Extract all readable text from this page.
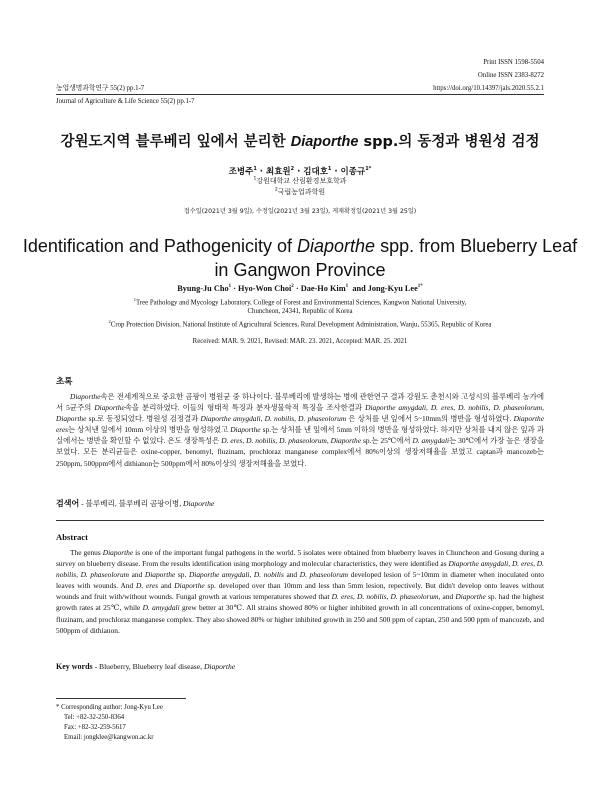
Print ISSN 1598-5504
Online ISSN 2383-8272
농업생명과학연구 55(2) pp.1-7	https://doi.org/10.14397/jals.2020.55.2.1
Journal of Agriculture & Life Science 55(2) pp.1-7
강원도지역 블루베리 잎에서 분리한 Diaporthe spp.의 동정과 병원성 검정
조병주$^1$ · 최효원$^2$ · 김대호$^1$ · 이종규$^{1*}$
$^1$강원대학교 산림환경보호학과
$^2$국립농업과학원
접수일(2021년 3월 9일), 수정일(2021년 3월 23일), 게재확정일(2021년 3월 25일)
Identification and Pathogenicity of Diaporthe spp. from Blueberry Leaf
in Gangwon Province
Byung-Ju Cho$^1$ · Hyo-Won Choi$^2$ · Dae-Ho Kim$^1$ and Jong-Kyu Lee$^{1*}$
$^1$Tree Pathology and Mycology Laboratory, College of Forest and Environmental Sciences, Kangwon National University,
Chuncheon, 24341, Republic of Korea
$^2$Crop Protection Division, National Institute of Agricultural Sciences, Rural Development Administration, Wanju, 55365, Republic of Korea
Received: MAR. 9. 2021, Revised: MAR. 23. 2021, Accepted: MAR. 25. 2021
초록

Diaporthe속은 전세계적으로 중요한 곰팡이 병원균 중 하나이다. 블루베리에 발생하는 병에 관한연구 결과 강원도 춘천시와 고성시의 블루베리 농가에서 5균주의 Diaporthe속을 분리하였다. 이들의 형태적 특징과 분자생물학적 특징을 조사한결과 Diaporthe amygdali, D. eres, D. nobilis, D. phaseolorum, Diaporthe sp.로 동정되었다. 병원성 검정결과 Diaporthe amygdali, D. nobilis, D. phaseolorum 은 상처를 낸 잎에서 5~10mm의 병반을 형성하였다. Diaporthe eres는 상처낸 잎에서 10mm 이상의 병반을 형성하였고 Diaporthe sp.는 상처를 낸 잎에서 5mm 이하의 병반을 형성하였다. 하지만 상처를 내지 않은 잎과 과실에서는 병반을 확인할 수 없었다. 온도 생장특성은 D. eres, D. nobilis, D. phaseolorum, Diaporthe sp.는 25℃에서 D. amygdali는 30℃에서 가장 높은 생장을 보였다. 모든 분리균들은 oxine-copper, benomyl, fluzinam, prochloraz manganese complex에서 80%이상의 생장저해율을 보였고 captan과 mancozeb는 250ppm, 500ppm에서 dithianon는 500ppm에서 80%이상의 생장저해율을 보였다.

검색어 - 블루베리, 블루베리 곰팡이병, Diaporthe
Abstract

The genus Diaporthe is one of the important fungal pathogens in the world. 5 isolates were obtained from blueberry leaves in Chuncheon and Gosung during a survey on blueberry disease. From the results identification using morphology and molecular characteristics, they were identified as Diaporthe amygdali, D. eres, D. nobilis, D. phaseolorum and Diaporthe sp. Diaporthe amygdali, D. nobilis and D. phaseolorum developed lesion of 5~10mm in diameter when inoculated onto leaves with wounds. And D. eres and Diaporthe sp. developed over than 10mm and less than 5mm lesion, repectively. But didn't develop onto leaves without wounds and fruit with/without wounds. Fungal growth at various temperatures showed that D. eres, D. nobilis, D. phaseolorum, and Diaporthe sp. had the highest growth rates at 25℃, while D. amygdali grew better at 30℃. All strains showed 80% or higher inhibited growth in all concentrations of oxine-copper, benomyl, fluzinam, and prochloraz manganese complex. They also showed 80% or higher inhibited growth in 250 and 500 ppm of captan, 250 and 500 ppm of mancozeb, and 500ppm of dithianon.

Key words - Blueberry, Blueberry leaf disease, Diaporthe
* Corresponding author: Jong-Kyu Lee
Tel: +82-32-250-8364
Fax: +82-32-259-5617
Email: jongklee@kangwon.ac.kr
